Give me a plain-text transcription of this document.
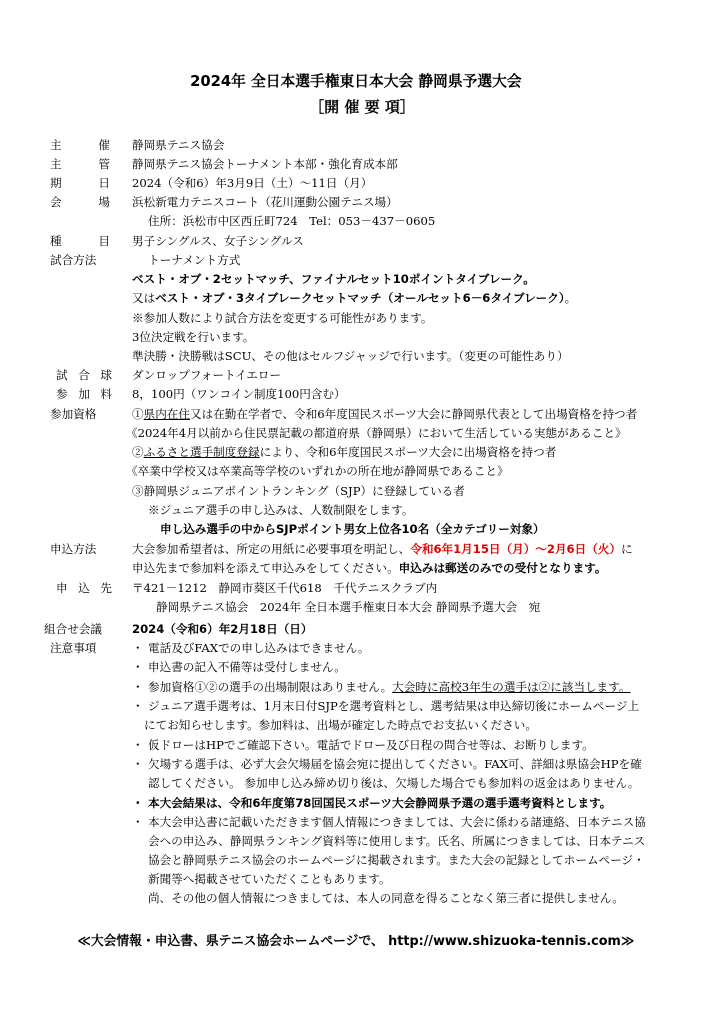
2024年 全日本選手権東日本大会 静岡県予選大会
［開 催 要 項］
主	催 静岡県テニス協会
主	管 静岡県テニス協会トーナメント本部・強化育成本部
期	日 2024（令和6）年3月9日（土）～11日（月）
会	場 浜松新電力テニスコート（花川運動公園テニス場）
住所：浜松市中区西丘町724　Tel：053－437－0605
種	目 男子シングルス、女子シングルス
試合方法	トーナメント方式
ベスト・オブ・2セットマッチ、ファイナルセット10ポイントタイブレーク。
又はベスト・オブ・3タイブレークセットマッチ（オールセット6－6タイブレーク）。
※参加人数により試合方法を変更する可能性があります。
3位決定戦を行います。
準決勝・決勝戦はSCU、その他はセルフジャッジで行います。（変更の可能性あり）
試 合 球 ダンロップフォートイエロー
参 加 料 8，100円（ワンコイン制度100円含む）
参加資格	①県内在住又は在勤在学者で、令和6年度国民スポーツ大会に静岡県代表として出場資格を持つ者
《2024年4月以前から住民票記載の都道府県（静岡県）において生活している実態があること》
②ふるさと選手制度登録により、令和6年度国民スポーツ大会に出場資格を持つ者
《卒業中学校又は卒業高等学校のいずれかの所在地が静岡県であること》
③静岡県ジュニアポイントランキング（SJP）に登録している者
※ジュニア選手の申し込みは、人数制限をします。
申し込み選手の中からSJPポイント男女上位各10名（全カテゴリー対象）
申込方法	大会参加希望者は、所定の用紙に必要事項を明記し、令和6年1月15日（月）～2月6日（火）に
申込先まで参加料を添えて申込みをしてください。申込みは郵送のみでの受付となります。
申 込 先 〒421－1212　静岡市葵区千代618　千代テニスクラブ内
静岡県テニス協会　2024年 全日本選手権東日本大会 静岡県予選大会　宛
組合せ会議	2024（令和6）年2月18日（日）
注意事項	・ 電話及びFAXでの申し込みはできません。
・ 申込書の記入不備等は受付しません。
・ 参加資格①②の選手の出場制限はありません。大会時に高校3年生の選手は②に該当します。
・ ジュニア選手選考は、1月末日付SJPを選考資料とし、選考結果は申込締切後にホームページ上
にてお知らせします。参加料は、出場が確定した時点でお支払いください。
・ 仮ドローはHPでご確認下さい。電話でドロー及び日程の問合せ等は、お断りします。
・ 欠場する選手は、必ず大会欠場届を協会宛に提出してください。FAX可、詳細は県協会HPを確
認してください。 参加申し込み締め切り後は、欠場した場合でも参加料の返金はありません。
・ 本大会結果は、令和6年度第78回国民スポーツ大会静岡県予選の選手選考資料とします。
・ 本大会申込書に記載いただきます個人情報につきましては、大会に係わる諸連絡、日本テニス協
会への申込み、静岡県ランキング資料等に使用します。氏名、所属につきましては、日本テニス
協会と静岡県テニス協会のホームページに掲載されます。また大会の記録としてホームページ・
新聞等へ掲載させていただくこともあります。
尚、その他の個人情報につきましては、本人の同意を得ることなく第三者に提供しません。
≪大会情報・申込書、県テニス協会ホームページで、 http://www.shizuoka-tennis.com≫
